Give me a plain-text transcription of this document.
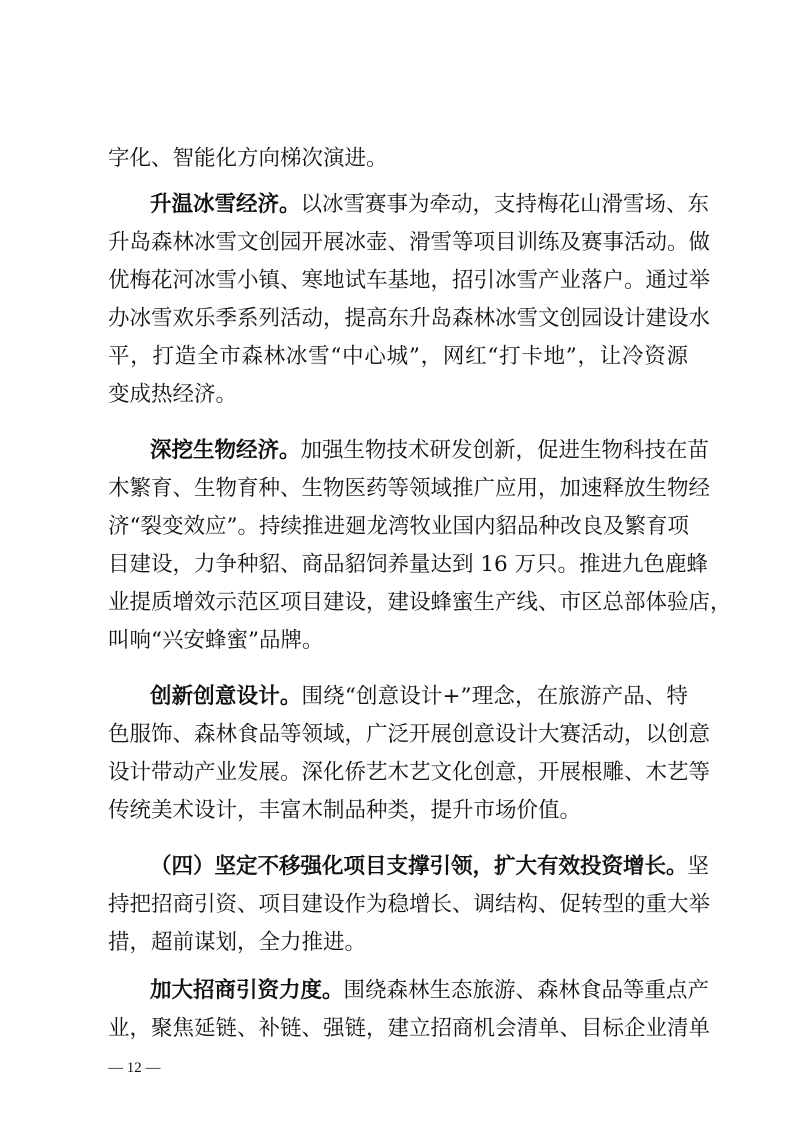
字化、智能化方向梯次演进。
升温冰雪经济。以冰雪赛事为牵动，支持梅花山滑雪场、东
升岛森林冰雪文创园开展冰壶、滑雪等项目训练及赛事活动。做
优梅花河冰雪小镇、寒地试车基地，招引冰雪产业落户。通过举
办冰雪欢乐季系列活动，提高东升岛森林冰雪文创园设计建设水
平，打造全市森林冰雪“中心城”，网红“打卡地”，让冷资源
变成热经济。
深挖生物经济。加强生物技术研发创新，促进生物科技在苗
木繁育、生物育种、生物医药等领域推广应用，加速释放生物经
济“裂变效应”。持续推进廻龙湾牧业国内貂品种改良及繁育项
目建设，力争种貂、商品貂饲养量达到 16 万只。推进九色鹿蜂
业提质增效示范区项目建设，建设蜂蜜生产线、市区总部体验店，
叫响“兴安蜂蜜”品牌。
创新创意设计。围绕“创意设计+”理念，在旅游产品、特
色服饰、森林食品等领域，广泛开展创意设计大赛活动，以创意
设计带动产业发展。深化侨艺木艺文化创意，开展根雕、木艺等
传统美术设计，丰富木制品种类，提升市场价值。
（四）坚定不移强化项目支撑引领，扩大有效投资增长。坚
持把招商引资、项目建设作为稳增长、调结构、促转型的重大举
措，超前谋划，全力推进。
加大招商引资力度。围绕森林生态旅游、森林食品等重点产
业，聚焦延链、补链、强链，建立招商机会清单、目标企业清单
— 12 —
